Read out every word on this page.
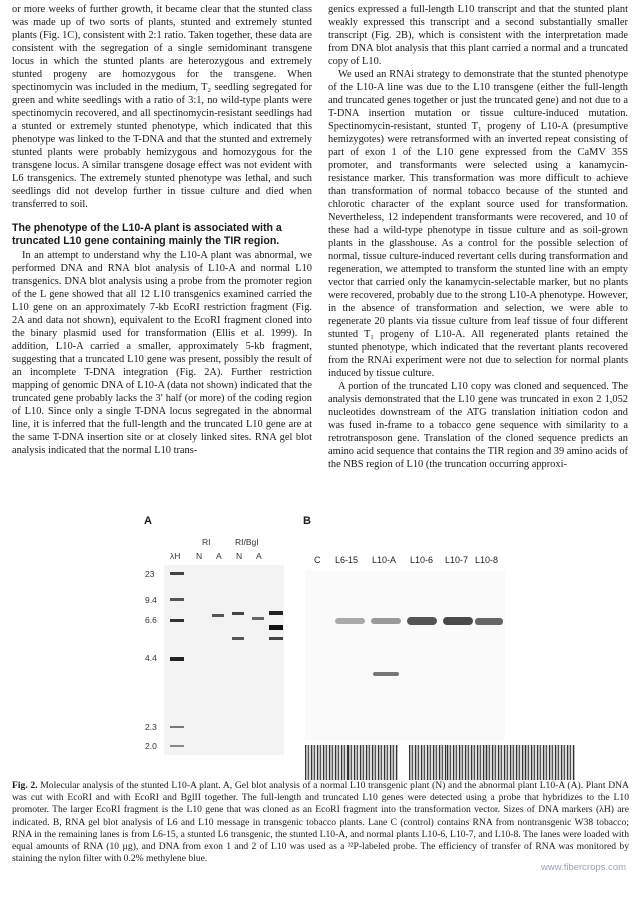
or more weeks of further growth, it became clear that the stunted class was made up of two sorts of plants, stunted and extremely stunted plants (Fig. 1C), consistent with 2:1 ratio. Taken together, these data are consistent with the segregation of a single semidominant transgene locus in which the stunted plants are heterozygous and extremely stunted progeny are homozygous for the transgene. When spectinomycin was included in the medium, T₂ seedling segregated for green and white seedlings with a ratio of 3:1, no wild-type plants were spectinomycin recovered, and all spectinomycin-resistant seedlings had a stunted or extremely stunted phenotype, which indicated that this phenotype was linked to the T-DNA and that the stunted and extremely stunted plants were probably hemizygous and homozygous for the transgene locus. A similar transgene dosage effect was not evident with L6 transgenics. The extremely stunted phenotype was lethal, and such seedlings did not develop further in tissue culture and died when transferred to soil.

The phenotype of the L10-A plant is associated with a truncated L10 gene containing mainly the TIR region.

In an attempt to understand why the L10-A plant was abnormal, we performed DNA and RNA blot analysis of L10-A and normal L10 transgenics. DNA blot analysis using a probe from the promoter region of the L gene showed that all 12 L10 transgenics examined carried the L10 gene on an approximately 7-kb EcoRI restriction fragment (Fig. 2A and data not shown), equivalent to the EcoRI fragment cloned into the binary plasmid used for transformation (Ellis et al. 1999). In addition, L10-A carried a smaller, approximately 5-kb fragment, suggesting that a truncated L10 gene was present, possibly the result of an incomplete T-DNA integration (Fig. 2A). Further restriction mapping of genomic DNA of L10-A (data not shown) indicated that the truncated gene probably lacks the 3′ half (or more) of the coding region of L10. Since only a single T-DNA locus segregated in the abnormal line, it is inferred that the full-length and the truncated L10 gene are at the same T-DNA insertion site or at closely linked sites. RNA gel blot analysis indicated that the normal L10 trans-

genics expressed a full-length L10 transcript and that the stunted plant weakly expressed this transcript and a second substantially smaller transcript (Fig. 2B), which is consistent with the interpretation made from DNA blot analysis that this plant carried a normal and a truncated copy of L10.

We used an RNAi strategy to demonstrate that the stunted phenotype of the L10-A line was due to the L10 transgene (either the full-length and truncated genes together or just the truncated gene) and not due to a T-DNA insertion mutation or tissue culture-induced mutation. Spectinomycin-resistant, stunted T₁ progeny of L10-A (presumptive hemizygotes) were retransformed with an inverted repeat consisting of part of exon 1 of the L10 gene expressed from the CaMV 35S promoter, and transformants were selected using a kanamycin-resistance marker. This transformation was more difficult to achieve than transformation of normal tobacco because of the stunted and chlorotic character of the explant source used for transformation. Nevertheless, 12 independent transformants were recovered, and 10 of these had a wild-type phenotype in tissue culture and as soil-grown plants in the glasshouse. As a control for the possible selection of normal, tissue culture-induced revertant cells during transformation and regeneration, we attempted to transform the stunted line with an empty vector that carried only the kanamycin-selectable marker, but no plants were recovered, probably due to the strong L10-A phenotype. However, in the absence of transformation and selection, we were able to regenerate 20 plants via tissue culture from leaf tissue of four different stunted T₁ progeny of L10-A. All regenerated plants retained the stunted phenotype, which indicated that the revertant plants recovered from the RNAi experiment were not due to selection for normal plants induced by tissue culture.

A portion of the truncated L10 copy was cloned and sequenced. The analysis demonstrated that the L10 gene was truncated in exon 2 1,052 nucleotides downstream of the ATG translation initiation codon and was fused in-frame to a tobacco gene sequence with similarity to a retrotransposon gene. Translation of the cloned sequence predicts an amino acid sequence that contains the TIR region and 39 amino acids of the NBS region of L10 (the truncation occurring approxi-

A	B
RI	RI/BgI
λH N A N A
23
9.4
6.6
4.4
2.3
2.0
C L6-15 L10-A L10-6 L10-7 L10-8
Fig. 2. Molecular analysis of the stunted L10-A plant. A, Gel blot analysis of a normal L10 transgenic plant (N) and the abnormal plant L10-A (A). Plant DNA was cut with EcoRI and with EcoRI and BglII together. The full-length and truncated L10 genes were detected using a probe that hybridizes to the L10 promoter. The larger EcoRI fragment is the L10 gene that was cloned as an EcoRI fragment into the transformation vector. Sizes of DNA markers (λH) are indicated. B, RNA gel blot analysis of L6 and L10 message in transgenic tobacco plants. Lane C (control) contains RNA from nontransgenic W38 tobacco; RNA in the remaining lanes is from L6-15, a stunted L6 transgenic, the stunted L10-A, and normal plants L10-6, L10-7, and L10-8. The lanes were loaded with equal amounts of RNA (10 µg), and DNA from exon 1 and 2 of L10 was used as a ³²P-labeled probe. The efficiency of transfer of RNA was monitored by staining the nylon filter with 0.2% methylene blue.
www.fibercrops.com
